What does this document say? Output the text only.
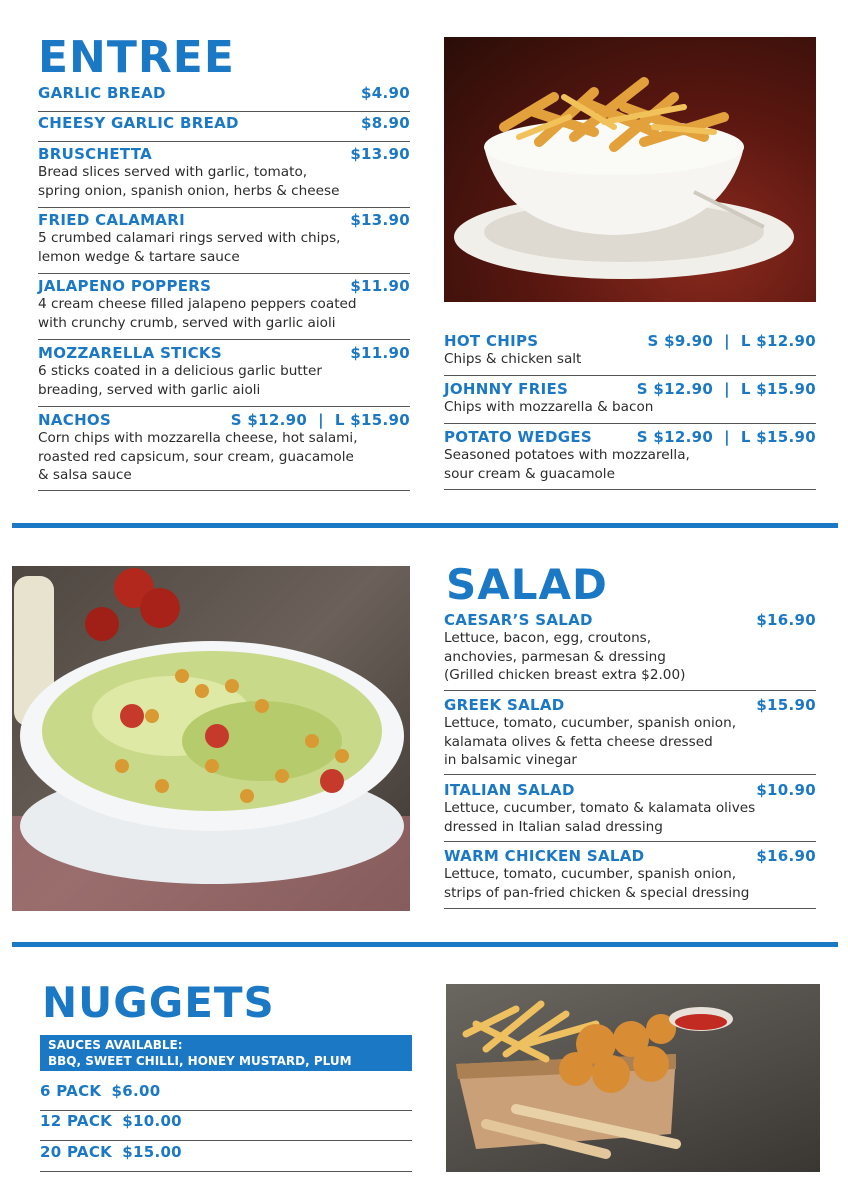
ENTREE
GARLIC BREAD	$4.90
CHEESY GARLIC BREAD	$8.90
BRUSCHETTA	$13.90
Bread slices served with garlic, tomato,
spring onion, spanish onion, herbs & cheese
FRIED CALAMARI	$13.90
5 crumbed calamari rings served with chips,
lemon wedge & tartare sauce
JALAPENO POPPERS	$11.90
4 cream cheese filled jalapeno peppers coated
with crunchy crumb, served with garlic aioli
MOZZARELLA STICKS	$11.90
6 sticks coated in a delicious garlic butter
breading, served with garlic aioli
NACHOS	S $12.90  |  L $15.90
Corn chips with mozzarella cheese, hot salami,
roasted red capsicum, sour cream, guacamole
& salsa sauce
HOT CHIPS	S $9.90  |  L $12.90
Chips & chicken salt
JOHNNY FRIES	S $12.90  |  L $15.90
Chips with mozzarella & bacon
POTATO WEDGES	S $12.90  |  L $15.90
Seasoned potatoes with mozzarella,
sour cream & guacamole
SALAD
CAESAR’S SALAD	$16.90
Lettuce, bacon, egg, croutons,
anchovies, parmesan & dressing
(Grilled chicken breast extra $2.00)
GREEK SALAD	$15.90
Lettuce, tomato, cucumber, spanish onion,
kalamata olives & fetta cheese dressed
in balsamic vinegar
ITALIAN SALAD	$10.90
Lettuce, cucumber, tomato & kalamata olives
dressed in Italian salad dressing
WARM CHICKEN SALAD	$16.90
Lettuce, tomato, cucumber, spanish onion,
strips of pan-fried chicken & special dressing
NUGGETS
SAUCES AVAILABLE:
BBQ, SWEET CHILLI, HONEY MUSTARD, PLUM
6 PACK $6.00
12 PACK $10.00
20 PACK $15.00
